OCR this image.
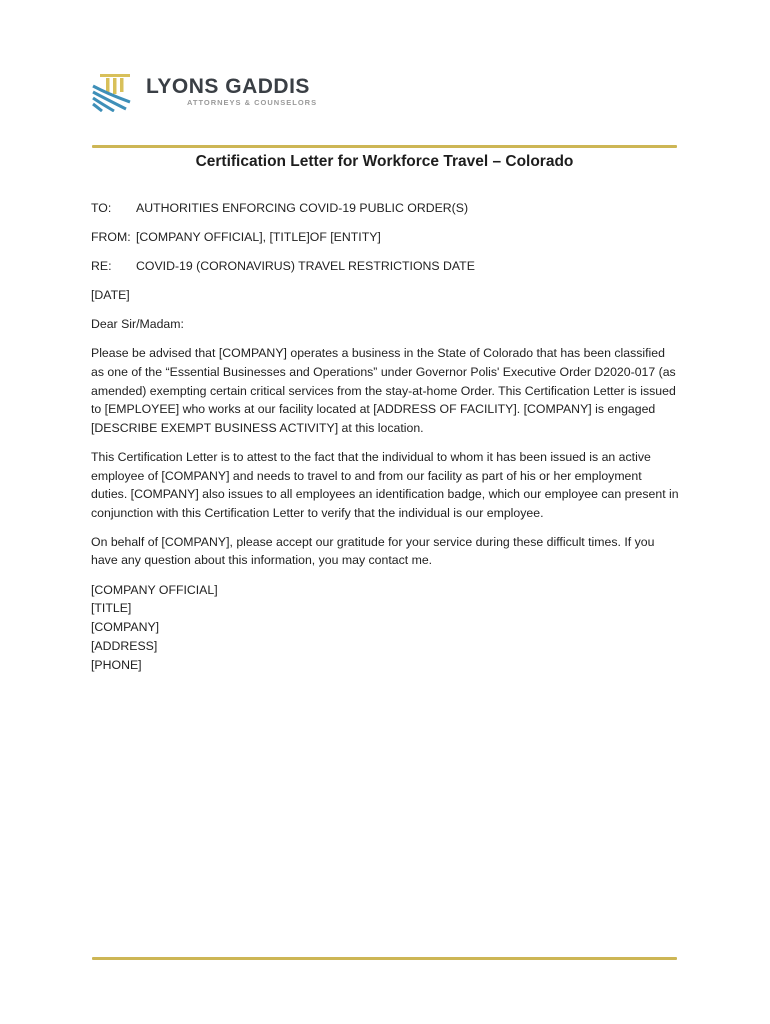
LYONS GADDIS
ATTORNEYS & COUNSELORS
Certification Letter for Workforce Travel – Colorado
TO:	AUTHORITIES ENFORCING COVID-19 PUBLIC ORDER(S)
FROM: [COMPANY OFFICIAL], [TITLE]OF [ENTITY]
RE:	COVID-19 (CORONAVIRUS) TRAVEL RESTRICTIONS DATE
[DATE]
Dear Sir/Madam:
Please be advised that [COMPANY] operates a business in the State of Colorado that has been classified as one of the “Essential Businesses and Operations” under Governor Polis' Executive Order D2020-017 (as amended) exempting certain critical services from the stay-at-home Order. This Certification Letter is issued to [EMPLOYEE] who works at our facility located at [ADDRESS OF FACILITY]. [COMPANY] is engaged [DESCRIBE EXEMPT BUSINESS ACTIVITY] at this location.
This Certification Letter is to attest to the fact that the individual to whom it has been issued is an active employee of [COMPANY] and needs to travel to and from our facility as part of his or her employment duties. [COMPANY] also issues to all employees an identification badge, which our employee can present in conjunction with this Certification Letter to verify that the individual is our employee.
On behalf of [COMPANY], please accept our gratitude for your service during these difficult times. If you have any question about this information, you may contact me.
[COMPANY OFFICIAL]
[TITLE]
[COMPANY]
[ADDRESS]
[PHONE]
